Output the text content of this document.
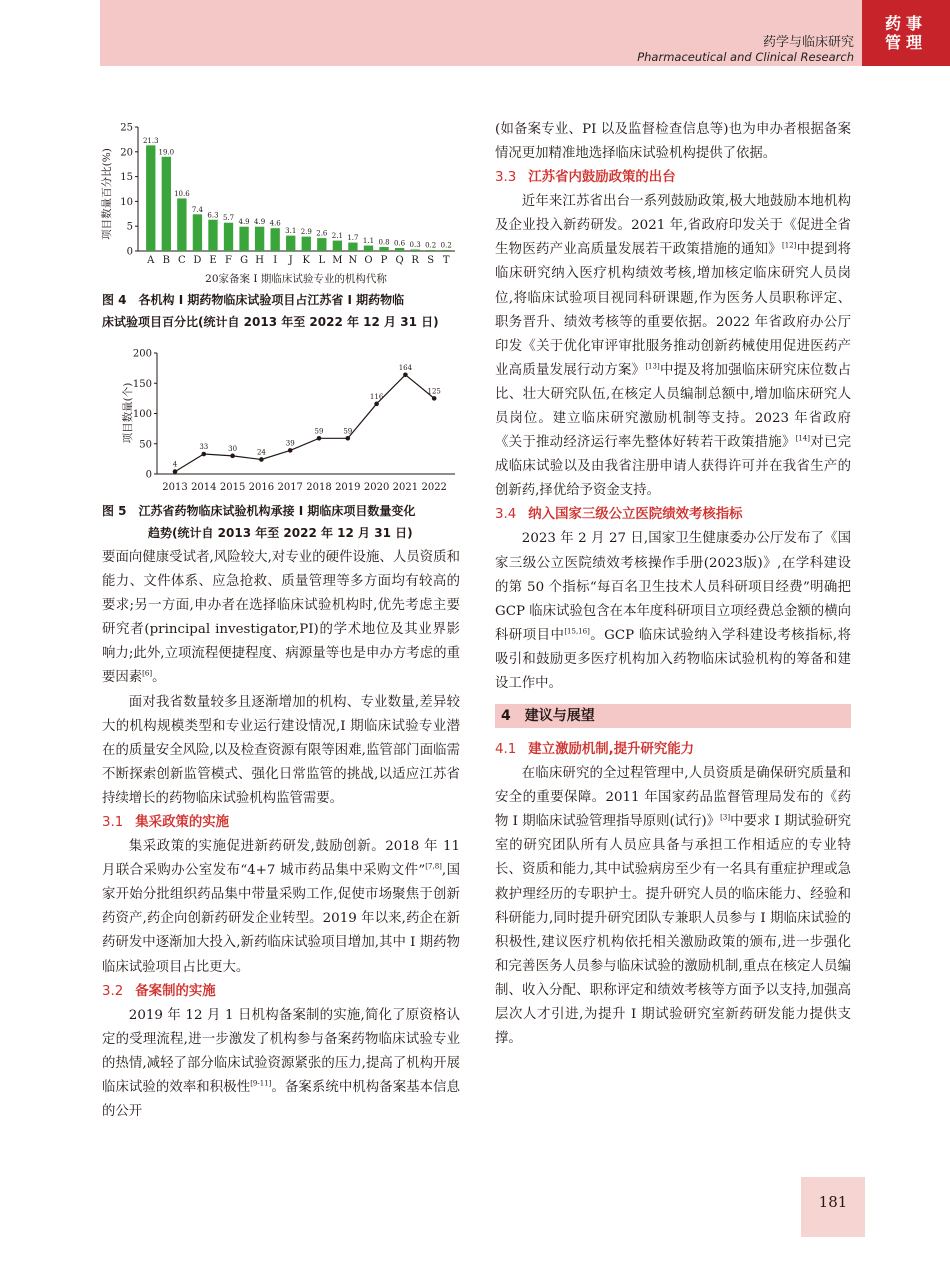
药学与临床研究
Pharmaceutical and Clinical Research
药事
管理
0
5
10
15
20
25
A B C D E F G H I J K L M N O P Q R S T
21.3
19.0
10.6
7.4
6.3 5.7 4.9 4.9 4.6
3.1 2.9 2.6 2.1 1.7 1.1 0.8 0.6 0.3 0.2 0.2
项目数量百分比(%)
20家备案 I 期临床试验专业的机构代称
图 4 各机构 I 期药物临床试验项目占江苏省 I 期药物临
床试验项目百分比(统计自 2013 年至 2022 年 12 月 31 日)
0
50
100
150
200
2013 2014 2015 2016 2017 2018 2019 2020 2021 2022
4
33	30	24
39
59	59
116
164
125
项目数量(个)
图 5 江苏省药物临床试验机构承接 I 期临床项目数量变化
趋势(统计自 2013 年至 2022 年 12 月 31 日)

要面向健康受试者,风险较大,对专业的硬件设施、人员资质和能力、文件体系、应急抢救、质量管理等多方面均有较高的要求;另一方面,申办者在选择临床试验机构时,优先考虑主要研究者(principal investigator,PI)的学术地位及其业界影响力;此外,立项流程便捷程度、病源量等也是申办方考虑的重要因素[6]。

面对我省数量较多且逐渐增加的机构、专业数量,差异较大的机构规模类型和专业运行建设情况,I 期临床试验专业潜在的质量安全风险,以及检查资源有限等困难,监管部门面临需不断探索创新监管模式、强化日常监管的挑战,以适应江苏省持续增长的药物临床试验机构监管需要。

3.1 集采政策的实施

集采政策的实施促进新药研发,鼓励创新。2018 年 11 月联合采购办公室发布“4+7 城市药品集中采购文件”[7,8],国家开始分批组织药品集中带量采购工作,促使市场聚焦于创新药资产,药企向创新药研发企业转型。2019 年以来,药企在新药研发中逐渐加大投入,新药临床试验项目增加,其中 I 期药物临床试验项目占比更大。

3.2 备案制的实施

2019 年 12 月 1 日机构备案制的实施,简化了原资格认定的受理流程,进一步激发了机构参与备案药物临床试验专业的热情,减轻了部分临床试验资源紧张的压力,提高了机构开展临床试验的效率和积极性[9-11]。备案系统中机构备案基本信息的公开

(如备案专业、PI 以及监督检查信息等)也为申办者根据备案情况更加精准地选择临床试验机构提供了依据。

3.3 江苏省内鼓励政策的出台

近年来江苏省出台一系列鼓励政策,极大地鼓励本地机构及企业投入新药研发。2021 年,省政府印发关于《促进全省生物医药产业高质量发展若干政策措施的通知》[12]中提到将临床研究纳入医疗机构绩效考核,增加核定临床研究人员岗位,将临床试验项目视同科研课题,作为医务人员职称评定、职务晋升、绩效考核等的重要依据。2022 年省政府办公厅印发《关于优化审评审批服务推动创新药械使用促进医药产业高质量发展行动方案》[13]中提及将加强临床研究床位数占比、壮大研究队伍,在核定人员编制总额中,增加临床研究人员岗位。建立临床研究激励机制等支持。2023 年省政府《关于推动经济运行率先整体好转若干政策措施》[14]对已完成临床试验以及由我省注册申请人获得许可并在我省生产的创新药,择优给予资金支持。

3.4 纳入国家三级公立医院绩效考核指标

2023 年 2 月 27 日,国家卫生健康委办公厅发布了《国家三级公立医院绩效考核操作手册(2023版)》,在学科建设的第 50 个指标“每百名卫生技术人员科研项目经费”明确把 GCP 临床试验包含在本年度科研项目立项经费总金额的横向科研项目中[15,16]。GCP 临床试验纳入学科建设考核指标,将吸引和鼓励更多医疗机构加入药物临床试验机构的筹备和建设工作中。

4 建议与展望
4.1 建立激励机制,提升研究能力

在临床研究的全过程管理中,人员资质是确保研究质量和安全的重要保障。2011 年国家药品监督管理局发布的《药物 I 期临床试验管理指导原则(试行)》[3]中要求 I 期试验研究室的研究团队所有人员应具备与承担工作相适应的专业特长、资质和能力,其中试验病房至少有一名具有重症护理或急救护理经历的专职护士。提升研究人员的临床能力、经验和科研能力,同时提升研究团队专兼职人员参与 I 期临床试验的积极性,建议医疗机构依托相关激励政策的颁布,进一步强化和完善医务人员参与临床试验的激励机制,重点在核定人员编制、收入分配、职称评定和绩效考核等方面予以支持,加强高层次人才引进,为提升 I 期试验研究室新药研发能力提供支撑。

181
